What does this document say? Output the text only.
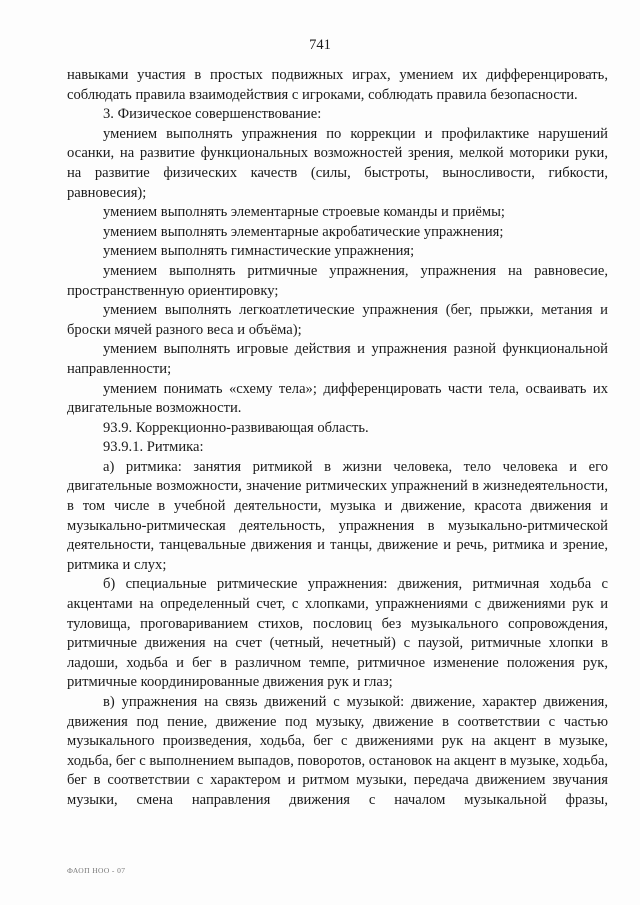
741

навыками участия в простых подвижных играх, умением их дифференцировать, соблюдать правила взаимодействия с игроками, соблюдать правила безопасности.

3. Физическое совершенствование:

умением выполнять упражнения по коррекции и профилактике нарушений осанки, на развитие функциональных возможностей зрения, мелкой моторики руки, на развитие физических качеств (силы, быстроты, выносливости, гибкости, равновесия);

умением выполнять элементарные строевые команды и приёмы;

умением выполнять элементарные акробатические упражнения;

умением выполнять гимнастические упражнения;

умением выполнять ритмичные упражнения, упражнения на равновесие, пространственную ориентировку;

умением выполнять легкоатлетические упражнения (бег, прыжки, метания и броски мячей разного веса и объёма);

умением выполнять игровые действия и упражнения разной функциональной направленности;

умением понимать «схему тела»; дифференцировать части тела, осваивать их двигательные возможности.

93.9. Коррекционно-развивающая область.

93.9.1. Ритмика:

а) ритмика: занятия ритмикой в жизни человека, тело человека и его двигательные возможности, значение ритмических упражнений в жизнедеятельности, в том числе в учебной деятельности, музыка и движение, красота движения и музыкально-ритмическая деятельность, упражнения в музыкально-ритмической деятельности, танцевальные движения и танцы, движение и речь, ритмика и зрение, ритмика и слух;

б) специальные ритмические упражнения: движения, ритмичная ходьба с акцентами на определенный счет, с хлопками, упражнениями с движениями рук и туловища, проговариванием стихов, пословиц без музыкального сопровождения, ритмичные движения на счет (четный, нечетный) с паузой, ритмичные хлопки в ладоши, ходьба и бег в различном темпе, ритмичное изменение положения рук, ритмичные координированные движения рук и глаз;

в) упражнения на связь движений с музыкой: движение, характер движения, движения под пение, движение под музыку, движение в соответствии с частью музыкального произведения, ходьба, бег с движениями рук на акцент в музыке, ходьба, бег с выполнением выпадов, поворотов, остановок на акцент в музыке, ходьба, бег в соответствии с характером и ритмом музыки, передача движением звучания музыки, смена направления движения с началом музыкальной фразы,

ФАОП НОО - 07
